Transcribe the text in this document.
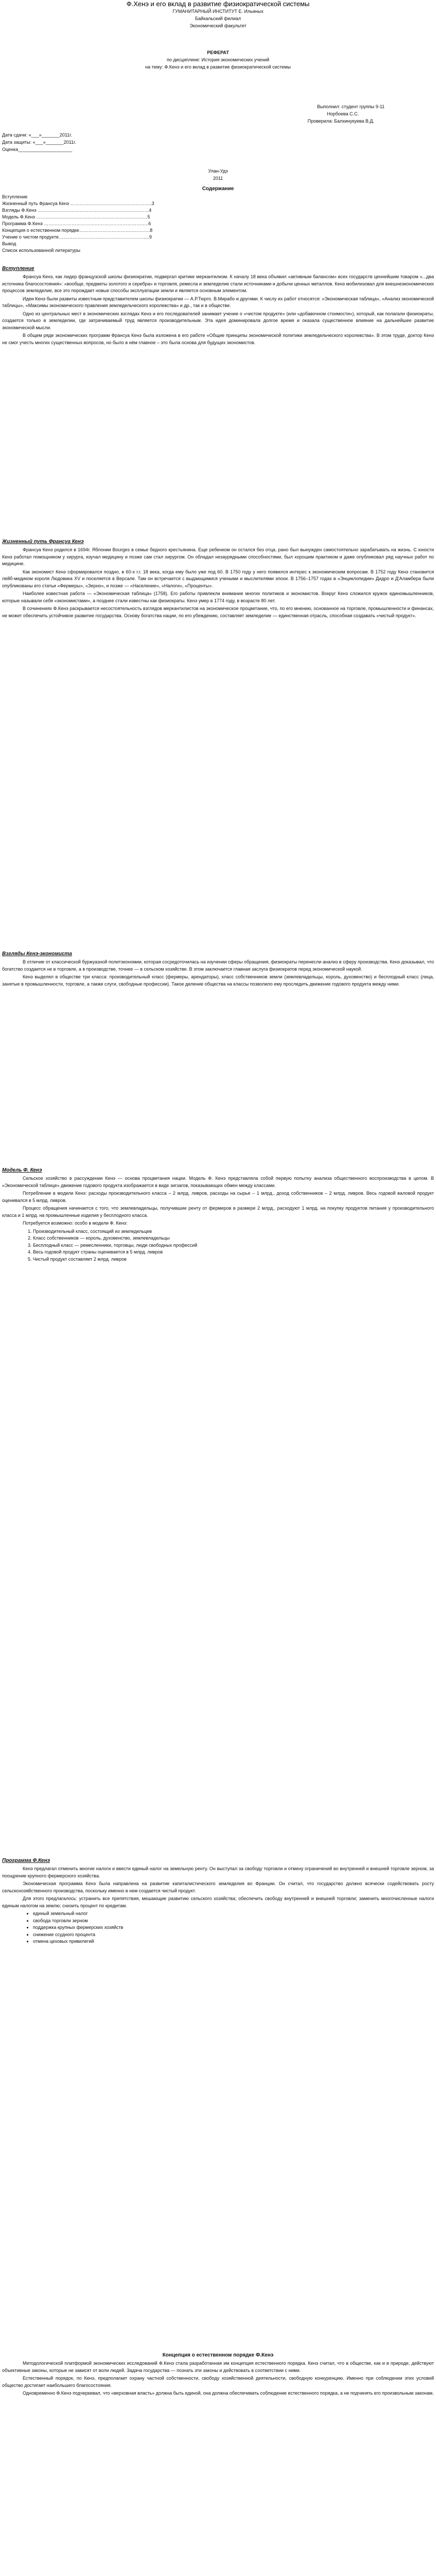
Ф.Хенэ и его вклад в развитие физиократической системы
ГУМАНИТАРНЫЙ ИНСТИТУТ Е. Ильиных
Байкальский филиал
Экономический факультет
РЕФЕРАТ
по дисциплине: История экономических учений
на тему: Ф.Кенэ и его вклад в развитие физиократической системы
Выполнил: студент группы 9-11
Норбоева С.С.
Проверила: Балхинукуева В.Д.
Дата сдачи: «___»_______2011г.
Дата защиты: «___»_______2011г.
Оценка_____________________
Улан-Удэ
2011
Содержание
Вступление
Жизненный путь Франсуа Кенэ ……………………………………………..3
Взгляды Ф.Кенэ ………………………………………………………………4
Модель Ф.Кенэ ………………………………………………………………5
Программа Ф.Кенэ …………………………………………………………..6
Концепция о естественном порядке……………………………………….8
Учение о чистом продукте…………………………………………………..9
Вывод
Список использованной литературы
Вступление

Франсуа Кенэ, как лидер французской школы физиократии, подвергал критике меркантилизм. К началу 18 века объявил «активным балансом» всех государств ценнейшим товаром «...два источника благосостояния»: «вообще, предметы золотого и серебра» и торговля, ремесла и земледелие стали источниками и добычи ценных металлов. Кенэ мобилизовал для внешнеэкономических процессов земледелие, все это порождает новые способы эксплуатации земли и является основным элементом.

Идеи Кенэ были развиты известным представителем школы физиократии — А.Р.Тюрго. В.Мирабо и другими. К числу их работ относятся: «Экономическая таблица», «Анализ экономической таблицы», «Максимы экономического правления земледельческого королевства» и др., так и в обществе.

Одно из центральных мест в экономических взглядах Кенэ и его последователей занимает учение о «чистом продукте» (или «добавочном стоимости»), который, как полагали физиократы, создается только в земледелии, где затрачиваемый труд является производительным. Эта идея доминировала долгое время и оказала существенное влияние на дальнейшее развитие экономической мысли.

В общем ряде экономических программ Франсуа Кенэ была изложена в его работе «Общие принципы экономической политики земледельческого королевства». В этом труде, доктор Кенэ не смог учесть многих существенных вопросов, но было в нём главное – это была основа для будущих экономистов.

Жизненный путь Франсуа Кенэ

Франсуа Кенэ родился в 1694г. Яблонии Bourges в семье бедного крестьянина. Еще ребенком он остался без отца, рано был вынужден самостоятельно зарабатывать на жизнь. С юности Кенэ работал помощником у хирурга, изучал медицину и позже сам стал хирургом. Он обладал незаурядными способностями, был хорошим практиком и даже опубликовал ряд научных работ по медицине.

Как экономист Кенэ сформировался поздно, в 60-х г.г. 18 века, когда ему было уже под 60. В 1750 году у него появился интерес к экономическим вопросам. В 1752 году Кенэ становится лейб-медиком короля Людовика XV и поселяется в Версале. Там он встречается с выдающимися учеными и мыслителями эпохи. В 1756–1757 годах в «Энциклопедии» Дидро и Д'Аламбера были опубликованы его статьи «Фермеры», «Зерно», и позже — «Население», «Налоги», «Проценты».

Наиболее известная работа — «Экономическая таблица» (1758). Его работы привлекли внимание многих политиков и экономистов. Вокруг Кенэ сложился кружок единомышленников, которые называли себя «экономистами», а позднее стали известны как физиократы. Кенэ умер в 1774 году, в возрасте 80 лет.

В сочинениях Ф.Кенэ раскрывается несостоятельность взглядов меркантилистов на экономическое процветание, что, по его мнению, основанное на торговле, промышленности и финансах, не может обеспечить устойчивое развитие государства. Основу богатства нации, по его убеждению, составляет земледелие — единственная отрасль, способная создавать «чистый продукт».

Взгляды Кенэ-экономиста

В отличие от классической буржуазной политэкономии, которая сосредоточилась на изучении сферы обращения, физиократы перенесли анализ в сферу производства. Кенэ доказывал, что богатство создается не в торговле, а в производстве, точнее — в сельском хозяйстве. В этом заключается главная заслуга физиократов перед экономической наукой.

Кенэ выделял в обществе три класса: производительный класс (фермеры, арендаторы), класс собственников земли (землевладельцы, король, духовенство) и бесплодный класс (лица, занятые в промышленности, торговле, а также слуги, свободные профессии). Такое деление общества на классы позволило ему проследить движение годового продукта между ними.

Модель Ф. Кенэ

Сельское хозяйство в рассуждении Кенэ — основа процветания нации. Модель Ф. Кенэ представляла собой первую попытку анализа общественного воспроизводства в целом. В «Экономической таблице» движение годового продукта изображается в виде зигзагов, показывающих обмен между классами.

Потребление в модели Кенэ: расходы производительного класса – 2 млрд. ливров, расходы на сырье – 1 млрд., доход собственников – 2 млрд. ливров. Весь годовой валовой продукт оценивался в 5 млрд. ливров.

Процесс обращения начинается с того, что землевладельцы, получившие ренту от фермеров в размере 2 млрд., расходуют 1 млрд. на покупку продуктов питания у производительного класса и 1 млрд. на промышленные изделия у бесплодного класса.

Потребуется возможно: особо в модели Ф. Кенэ:

1. Производительный класс, состоящий из земледельцев
2. Класс собственников — король, духовенство, землевладельцы
3. Бесплодный класс — ремесленники, торговцы, люди свободных профессий
4. Весь годовой продукт страны оценивается в 5 млрд. ливров
5. Чистый продукт составляет 2 млрд. ливров
Программа Ф.Кенэ

Кенэ предлагал отменить многие налоги и ввести единый налог на земельную ренту. Он выступал за свободу торговли и отмену ограничений во внутренней и внешней торговле зерном, за поощрение крупного фермерского хозяйства.

Экономическая программа Кенэ была направлена на развитие капиталистического земледелия во Франции. Он считал, что государство должно всячески содействовать росту сельскохозяйственного производства, поскольку именно в нем создается чистый продукт.

Для этого предлагалось: устранить все препятствия, мешающие развитию сельского хозяйства; обеспечить свободу внутренней и внешней торговли; заменить многочисленные налоги единым налогом на землю; снизить процент по кредитам.

• единый земельный налог
• свобода торговли зерном
• поддержка крупных фермерских хозяйств
• снижение ссудного процента
• отмена цеховых привилегий
Концепция о естественном порядке Ф.Кенэ

Методологической платформой экономических исследований Ф.Кенэ стала разработанная им концепция естественного порядка. Кенэ считал, что в обществе, как и в природе, действуют объективные законы, которые не зависят от воли людей. Задача государства — познать эти законы и действовать в соответствии с ними.

Естественный порядок, по Кенэ, предполагает охрану частной собственности, свободу хозяйственной деятельности, свободную конкуренцию. Именно при соблюдении этих условий общество достигает наибольшего благосостояния.

Одновременно Ф.Кенэ подчеркивал, что «верховная власть» должна быть единой, она должна обеспечивать соблюдение естественного порядка, а не подчинять его произвольным законам.
